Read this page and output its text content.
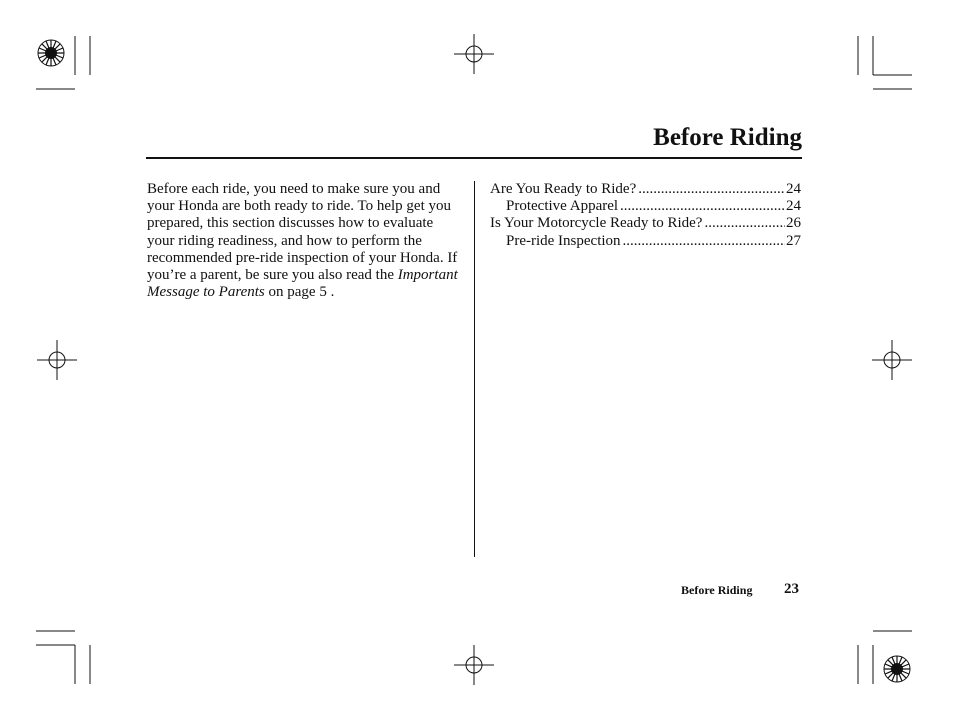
Before Riding

Before each ride, you need to make sure you and your Honda are both ready to ride. To help get you prepared, this section discusses how to evaluate your riding readiness, and how to perform the recommended pre-ride inspection of your Honda. If you’re a parent, be sure you also read the Important Message to Parents on page 5 .

Are You Ready to Ride? .....	24
Protective Apparel .....	24
Is Your Motorcycle Ready to Ride? .....	26
Pre-ride Inspection .....	27
Before Riding 23
